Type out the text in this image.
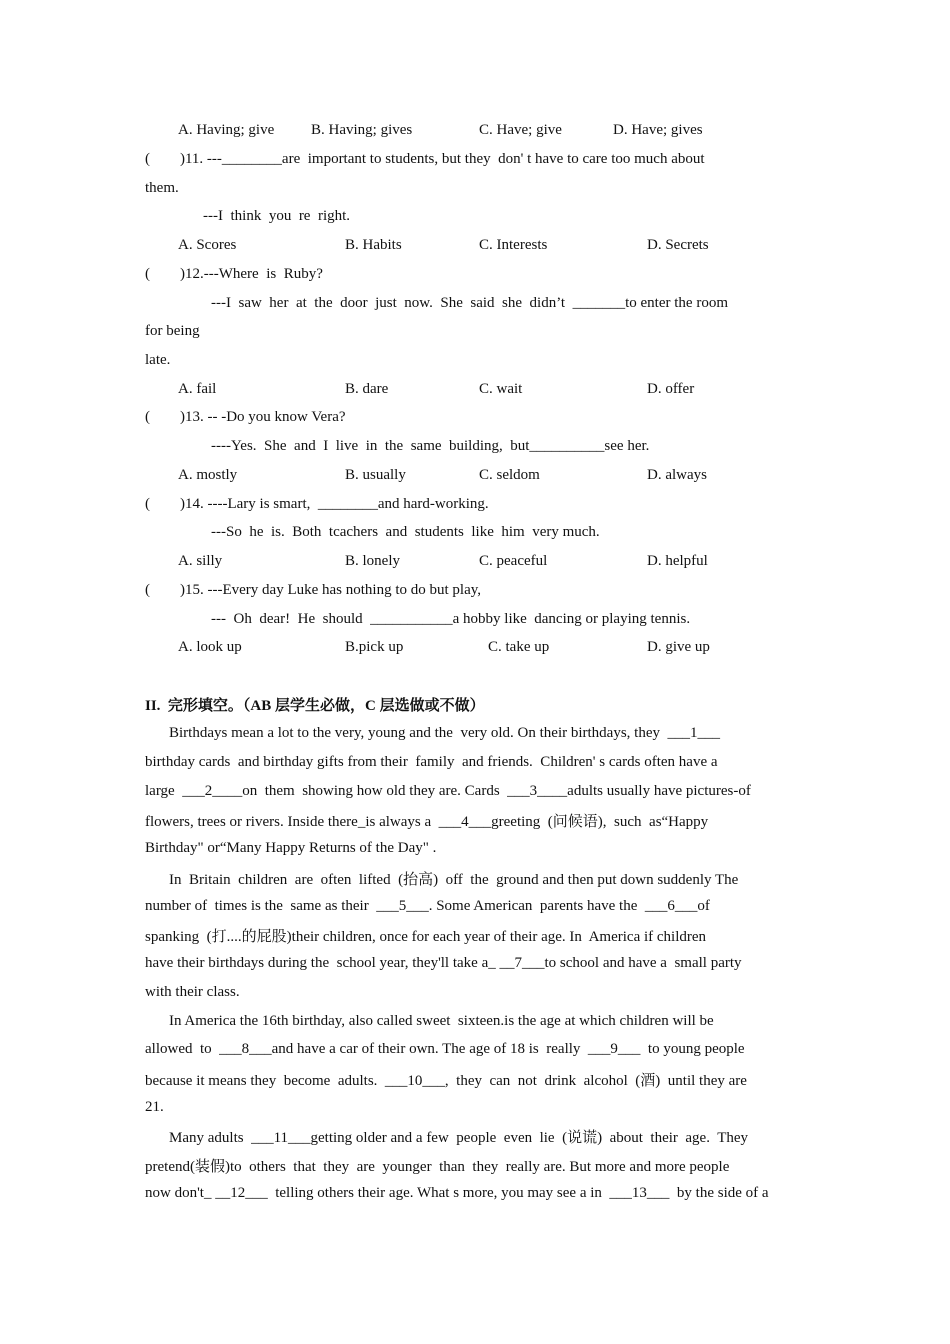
A. Having; give B. Having; gives	C. Have; give	D. Have; gives
(        )11. ---________are  important to students, but they  don' t have to care too much about
them.
---I  think  you  re  right.
A. Scores	B. Habits	C. Interests	D. Secrets
(        )12.---Where  is  Ruby?
---I  saw  her  at  the  door  just  now.  She  said  she  didn’t  _______to enter the room
for being
late.
A. fail	B. dare	C. wait	D. offer
(        )13. -- -Do you know Vera?
----Yes.  She  and  I  live  in  the  same  building,  but__________see her.
A. mostly	B. usually	C. seldom	D. always
(        )14. ----Lary is smart,  ________and hard-working.
---So  he  is.  Both  tcachers  and  students  like  him  very much.
A. silly	B. lonely	C. peaceful	D. helpful
(        )15. ---Every day Luke has nothing to do but play,
---  Oh  dear!  He  should  ___________a hobby like  dancing or playing tennis.
A. look up	B.pick up	C. take up	D. give up
II.  完形填空。（AB 层学生必做，C 层选做或不做）
Birthdays mean a lot to the very, young and the  very old. On their birthdays, they  ___1___
birthday cards  and birthday gifts from their  family  and friends.  Children' s cards often have a
large  ___2____on  them  showing how old they are. Cards  ___3____adults usually have pictures-of
flowers, trees or rivers. Inside there_is always a  ___4___greeting  (问候语),  such  as“Happy
Birthday" or“Many Happy Returns of the Day" .
In  Britain  children  are  often  lifted  (抬高)  off  the  ground and then put down suddenly The
number of  times is the  same as their  ___5___. Some American  parents have the  ___6___of
spanking  (打....的屁股)their children, once for each year of their age. In  America if children
have their birthdays during the  school year, they'll take a_ __7___to school and have a  small party
with their class.
In America the 16th birthday, also called sweet  sixteen.is the age at which children will be
allowed  to  ___8___and have a car of their own. The age of 18 is  really  ___9___  to young people
because it means they  become  adults.  ___10___,  they  can  not  drink  alcohol  (酒)  until they are
21.
Many adults  ___11___getting older and a few  people  even  lie  (说谎)  about  their  age.  They
pretend(装假)to  others  that  they  are  younger  than  they  really are. But more and more people
now don't_ __12___  telling others their age. What s more, you may see a in  ___13___  by the side of a
